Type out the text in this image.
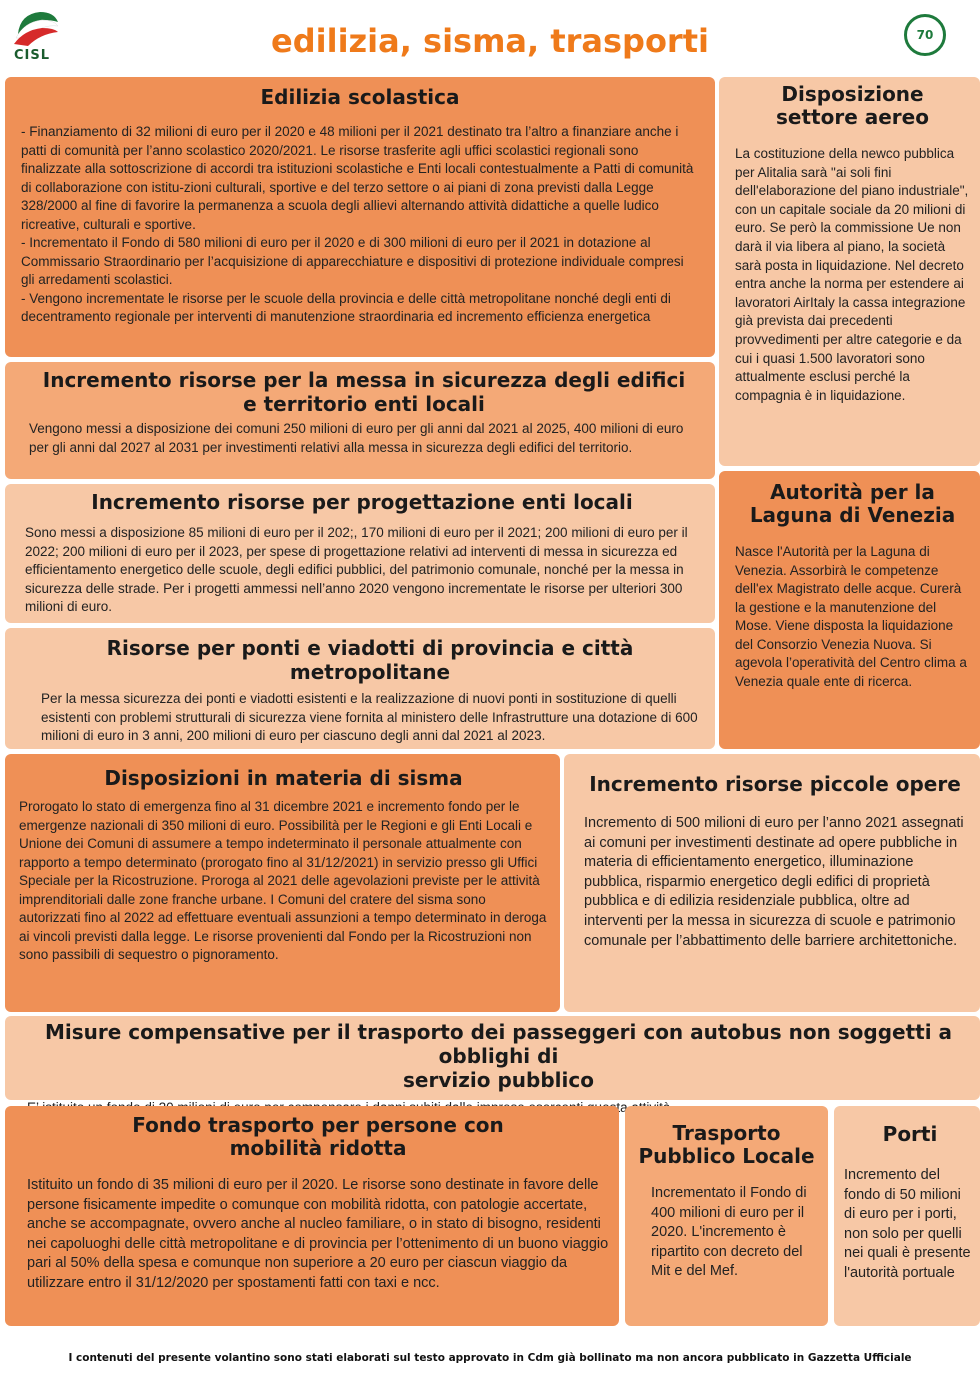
CISL	edilizia, sisma, trasporti	70
Edilizia scolastica

- Finanziamento di 32 milioni di euro per il 2020 e 48 milioni per il 2021 destinato tra l’altro a finanziare anche i patti di comunità per l’anno scolastico 2020/2021. Le risorse trasferite agli uffici scolastici regionali sono finalizzate alla sottoscrizione di accordi tra istituzioni scolastiche e Enti locali contestualmente a Patti di comunità di collaborazione con istitu-zioni culturali, sportive e del terzo settore o ai piani di zona previsti dalla Legge 328/2000 al fine di favorire la permanenza a scuola degli allievi alternando attività didattiche a quelle ludico ricreative, culturali e sportive.
- Incrementato il Fondo di 580 milioni di euro per il 2020 e di 300 milioni di euro per il 2021 in dotazione al Commissario Straordinario per l’acquisizione di apparecchiature e dispositivi di protezione individuale compresi gli arredamenti scolastici.
- Vengono incrementate le risorse per le scuole della provincia e delle città metropolitane nonché degli enti di decentramento regionale per interventi di manutenzione straordinaria ed incremento efficienza energetica

Disposizione
settore aereo

La costituzione della newco pubblica per Alitalia sarà "ai soli fini dell'elaborazione del piano industriale", con un capitale sociale da 20 milioni di euro. Se però la commissione Ue non darà il via libera al piano, la società sarà posta in liquidazione. Nel decreto entra anche la norma per estendere ai lavoratori AirItaly la cassa integrazione già prevista dai precedenti provvedimenti per altre categorie e da cui i quasi 1.500 lavoratori sono attualmente esclusi perché la compagnia è in liquidazione.

Incremento risorse per la messa in sicurezza degli edifici
e territorio enti locali

Vengono messi a disposizione dei comuni 250 milioni di euro per gli anni dal 2021 al 2025, 400 milioni di euro per gli anni dal 2027 al 2031 per investimenti relativi alla messa in sicurezza degli edifici del territorio.

Incremento risorse per progettazione enti locali

Sono messi a disposizione 85 milioni di euro per il 202;, 170 milioni di euro per il 2021; 200 milioni di euro per il 2022; 200 milioni di euro per il 2023, per spese di progettazione relativi ad interventi di messa in sicurezza ed efficientamento energetico delle scuole, degli edifici pubblici, del patrimonio comunale, nonché per la messa in sicurezza delle strade. Per i progetti ammessi nell’anno 2020 vengono incrementate le risorse per ulteriori 300 milioni di euro.

Autorità per la
Laguna di Venezia

Nasce l'Autorità per la Laguna di Venezia. Assorbirà le competenze dell'ex Magistrato delle acque. Curerà la gestione e la manutenzione del Mose. Viene disposta la liquidazione del Consorzio Venezia Nuova. Si agevola l’operatività del Centro clima a Venezia quale ente di ricerca.

Risorse per ponti e viadotti di provincia e città metropolitane

Per la messa sicurezza dei ponti e viadotti esistenti e la realizzazione di nuovi ponti in sostituzione di quelli esistenti con problemi strutturali di sicurezza viene fornita al ministero delle Infrastrutture una dotazione di 600 milioni di euro in 3 anni, 200 milioni di euro per ciascuno degli anni dal 2021 al 2023.

Disposizioni in materia di sisma

Prorogato lo stato di emergenza fino al 31 dicembre 2021 e incremento fondo per le emergenze nazionali di 350 milioni di euro. Possibilità per le Regioni e gli Enti Locali e Unione dei Comuni di assumere a tempo indeterminato il personale attualmente con rapporto a tempo determinato (prorogato fino al 31/12/2021) in servizio presso gli Uffici Speciale per la Ricostruzione. Proroga al 2021 delle agevolazioni previste per le attività imprenditoriali dalle zone franche urbane. I Comuni del cratere del sisma sono autorizzati fino al 2022 ad effettuare eventuali assunzioni a tempo determinato in deroga ai vincoli previsti dalla legge. Le risorse provenienti dal Fondo per la Ricostruzioni non sono passibili di sequestro o pignoramento.

Incremento risorse piccole opere

Incremento di 500 milioni di euro per l’anno 2021 assegnati ai comuni per investimenti destinate ad opere pubbliche in materia di efficientamento energetico, illuminazione pubblica, risparmio energetico degli edifici di proprietà pubblica e di edilizia residenziale pubblica, oltre ad interventi per la messa in sicurezza di scuole e patrimonio comunale per l’abbattimento delle barriere architettoniche.

Misure compensative per il trasporto dei passeggeri con autobus non soggetti a obblighi di
servizio pubblico

Fondo trasporto per persone con
mobilità ridotta

Istituito un fondo di 35 milioni di euro per il 2020. Le risorse sono destinate in favore delle persone fisicamente impedite o comunque con mobilità ridotta, con patologie accertate, anche se accompagnate, ovvero anche al nucleo familiare, o in stato di bisogno, residenti nei capoluoghi delle città metropolitane e di provincia per l’ottenimento di un buono viaggio pari al 50% della spesa e comunque non superiore a 20 euro per ciascun viaggio da utilizzare entro il 31/12/2020 per spostamenti fatti con taxi e ncc.

Trasporto
Pubblico Locale

Incrementato il Fondo di 400 milioni di euro per il 2020. L'incremento è ripartito con decreto del Mit e del Mef.

Porti

Incremento del fondo di 50 milioni di euro per i porti, non solo per quelli nei quali è presente l'autorità portuale

I contenuti del presente volantino sono stati elaborati sul testo approvato in Cdm già bollinato ma non ancora pubblicato in Gazzetta Ufficiale
